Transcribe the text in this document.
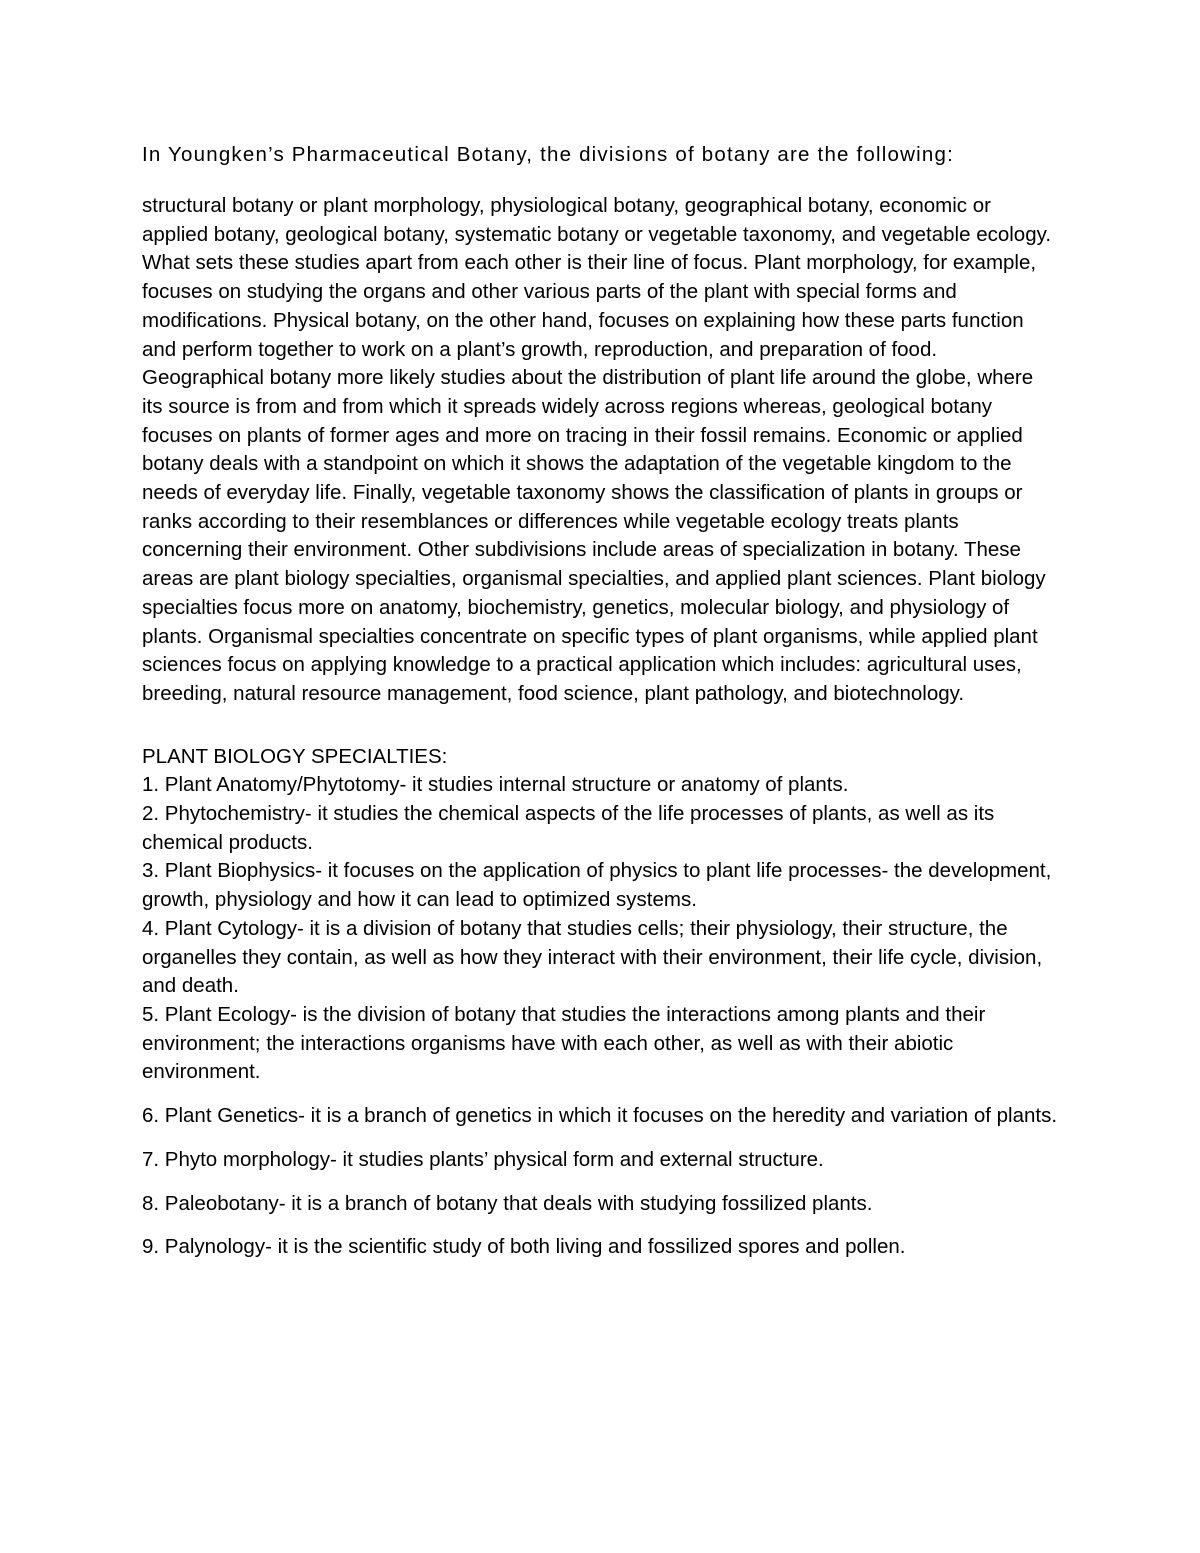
In Youngken’s Pharmaceutical Botany, the divisions of botany are the following:

structural botany or plant morphology, physiological botany, geographical botany, economic or applied botany, geological botany, systematic botany or vegetable taxonomy, and vegetable ecology. What sets these studies apart from each other is their line of focus. Plant morphology, for example, focuses on studying the organs and other various parts of the plant with special forms and modifications. Physical botany, on the other hand, focuses on explaining how these parts function and perform together to work on a plant’s growth, reproduction, and preparation of food. Geographical botany more likely studies about the distribution of plant life around the globe, where its source is from and from which it spreads widely across regions whereas, geological botany focuses on plants of former ages and more on tracing in their fossil remains. Economic or applied botany deals with a standpoint on which it shows the adaptation of the vegetable kingdom to the needs of everyday life. Finally, vegetable taxonomy shows the classification of plants in groups or ranks according to their resemblances or differences while vegetable ecology treats plants concerning their environment. Other subdivisions include areas of specialization in botany. These areas are plant biology specialties, organismal specialties, and applied plant sciences. Plant biology specialties focus more on anatomy, biochemistry, genetics, molecular biology, and physiology of plants. Organismal specialties concentrate on specific types of plant organisms, while applied plant sciences focus on applying knowledge to a practical application which includes: agricultural uses, breeding, natural resource management, food science, plant pathology, and biotechnology.

PLANT BIOLOGY SPECIALTIES:

1. Plant Anatomy/Phytotomy- it studies internal structure or anatomy of plants.
2. Phytochemistry- it studies the chemical aspects of the life processes of plants, as well as its chemical products.
3. Plant Biophysics- it focuses on the application of physics to plant life processes- the development, growth, physiology and how it can lead to optimized systems.
4. Plant Cytology- it is a division of botany that studies cells; their physiology, their structure, the organelles they contain, as well as how they interact with their environment, their life cycle, division, and death.
5. Plant Ecology- is the division of botany that studies the interactions among plants and their environment; the interactions organisms have with each other, as well as with their abiotic environment.
6. Plant Genetics- it is a branch of genetics in which it focuses on the heredity and variation of plants.
7. Phyto morphology- it studies plants’ physical form and external structure.
8. Paleobotany- it is a branch of botany that deals with studying fossilized plants.
9. Palynology- it is the scientific study of both living and fossilized spores and pollen.
